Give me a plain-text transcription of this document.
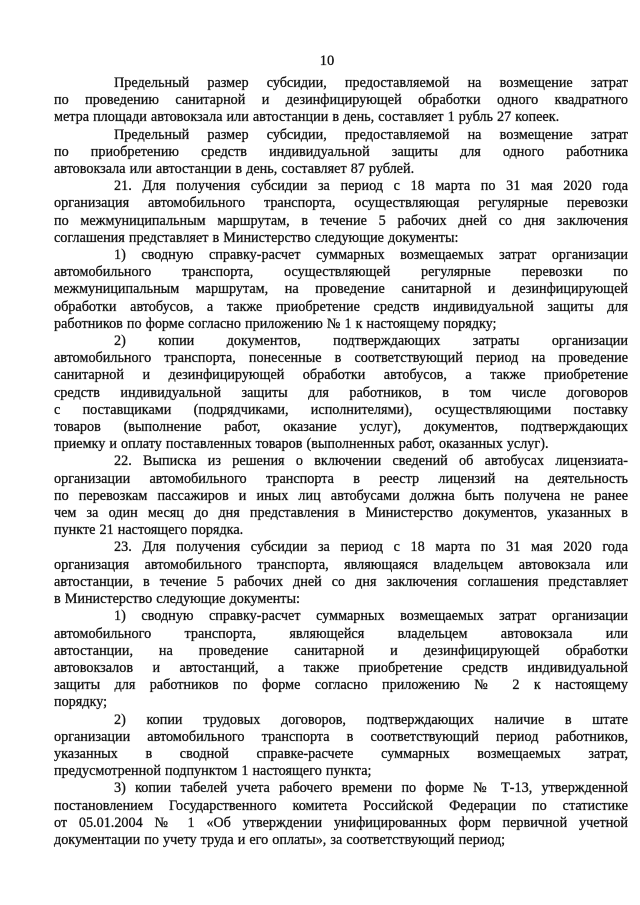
10
Предельный размер субсидии, предоставляемой на возмещение затрат
по проведению санитарной и дезинфицирующей обработки одного квадратного
метра площади автовокзала или автостанции в день, составляет 1 рубль 27 копеек.
Предельный размер субсидии, предоставляемой на возмещение затрат
по приобретению средств индивидуальной защиты для одного работника
автовокзала или автостанции в день, составляет 87 рублей.
21. Для получения субсидии за период с 18 марта по 31 мая 2020 года
организация автомобильного транспорта, осуществляющая регулярные перевозки
по межмуниципальным маршрутам, в течение 5 рабочих дней со дня заключения
соглашения представляет в Министерство следующие документы:
1) сводную справку-расчет суммарных возмещаемых затрат организации
автомобильного транспорта, осуществляющей регулярные перевозки по
межмуниципальным маршрутам, на проведение санитарной и дезинфицирующей
обработки автобусов, а также приобретение средств индивидуальной защиты для
работников по форме согласно приложению № 1 к настоящему порядку;
2) копии документов, подтверждающих затраты организации
автомобильного транспорта, понесенные в соответствующий период на проведение
санитарной и дезинфицирующей обработки автобусов, а также приобретение
средств индивидуальной защиты для работников, в том числе договоров
с поставщиками (подрядчиками, исполнителями), осуществляющими поставку
товаров (выполнение работ, оказание услуг), документов, подтверждающих
приемку и оплату поставленных товаров (выполненных работ, оказанных услуг).
22. Выписка из решения о включении сведений об автобусах лицензиата-
организации автомобильного транспорта в реестр лицензий на деятельность
по перевозкам пассажиров и иных лиц автобусами должна быть получена не ранее
чем за один месяц до дня представления в Министерство документов, указанных в
пункте 21 настоящего порядка.
23. Для получения субсидии за период с 18 марта по 31 мая 2020 года
организация автомобильного транспорта, являющаяся владельцем автовокзала или
автостанции, в течение 5 рабочих дней со дня заключения соглашения представляет
в Министерство следующие документы:
1) сводную справку-расчет суммарных возмещаемых затрат организации
автомобильного транспорта, являющейся владельцем автовокзала или
автостанции, на проведение санитарной и дезинфицирующей обработки
автовокзалов и автостанций, а также приобретение средств индивидуальной
защиты для работников по форме согласно приложению № 2 к настоящему
порядку;
2) копии трудовых договоров, подтверждающих наличие в штате
организации автомобильного транспорта в соответствующий период работников,
указанных в сводной справке-расчете суммарных возмещаемых затрат,
предусмотренной подпунктом 1 настоящего пункта;
3) копии табелей учета рабочего времени по форме № Т-13, утвержденной
постановлением Государственного комитета Российской Федерации по статистике
от 05.01.2004 № 1 «Об утверждении унифицированных форм первичной учетной
документации по учету труда и его оплаты», за соответствующий период;
